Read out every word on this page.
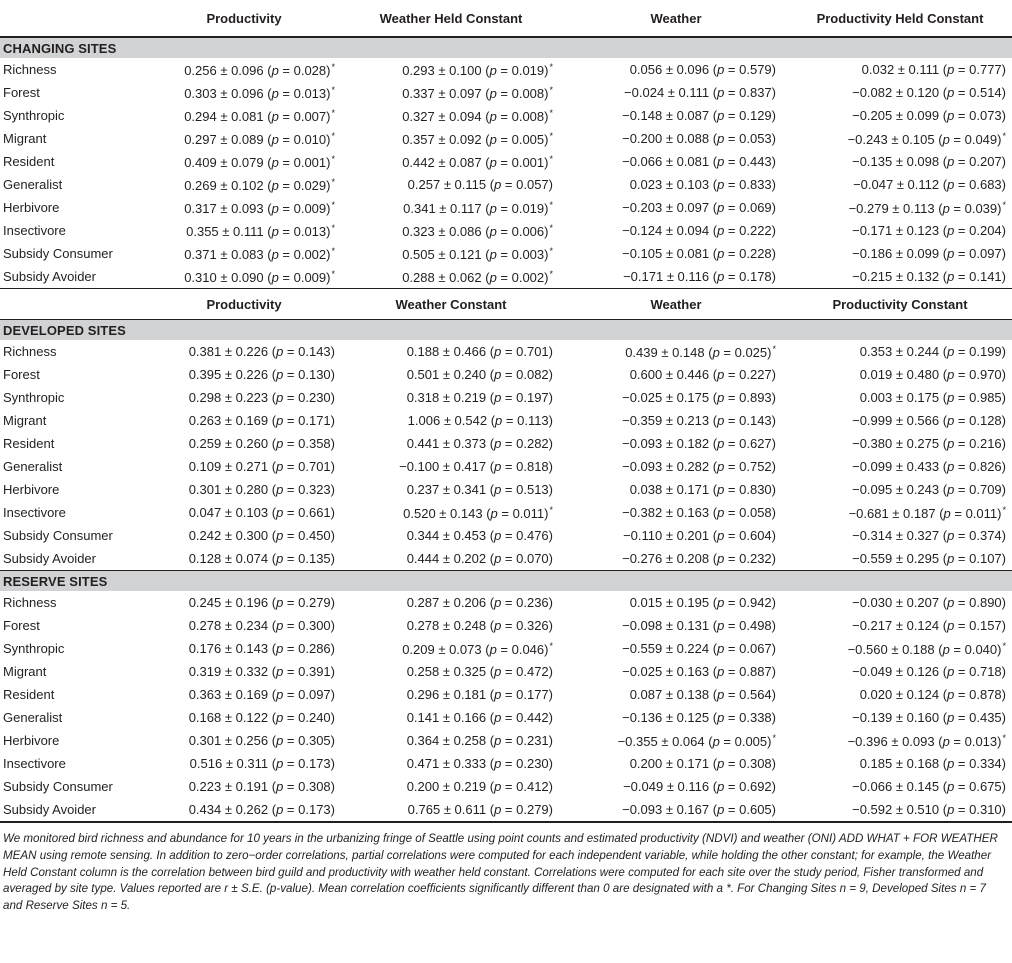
	Productivity	Weather Held Constant	Weather	Productivity Held Constant
CHANGING SITES				
Richness	0.256 ± 0.096 (p = 0.028)*	0.293 ± 0.100 (p = 0.019)*	0.056 ± 0.096 (p = 0.579)	0.032 ± 0.111 (p = 0.777)
Forest	0.303 ± 0.096 (p = 0.013)*	0.337 ± 0.097 (p = 0.008)*	−0.024 ± 0.111 (p = 0.837)	−0.082 ± 0.120 (p = 0.514)
Synthropic	0.294 ± 0.081 (p = 0.007)*	0.327 ± 0.094 (p = 0.008)*	−0.148 ± 0.087 (p = 0.129)	−0.205 ± 0.099 (p = 0.073)
Migrant	0.297 ± 0.089 (p = 0.010)*	0.357 ± 0.092 (p = 0.005)*	−0.200 ± 0.088 (p = 0.053)	−0.243 ± 0.105 (p = 0.049)*
Resident	0.409 ± 0.079 (p = 0.001)*	0.442 ± 0.087 (p = 0.001)*	−0.066 ± 0.081 (p = 0.443)	−0.135 ± 0.098 (p = 0.207)
Generalist	0.269 ± 0.102 (p = 0.029)*	0.257 ± 0.115 (p = 0.057)	0.023 ± 0.103 (p = 0.833)	−0.047 ± 0.112 (p = 0.683)
Herbivore	0.317 ± 0.093 (p = 0.009)*	0.341 ± 0.117 (p = 0.019)*	−0.203 ± 0.097 (p = 0.069)	−0.279 ± 0.113 (p = 0.039)*
Insectivore	0.355 ± 0.111 (p = 0.013)*	0.323 ± 0.086 (p = 0.006)*	−0.124 ± 0.094 (p = 0.222)	−0.171 ± 0.123 (p = 0.204)
Subsidy Consumer	0.371 ± 0.083 (p = 0.002)*	0.505 ± 0.121 (p = 0.003)*	−0.105 ± 0.081 (p = 0.228)	−0.186 ± 0.099 (p = 0.097)
Subsidy Avoider	0.310 ± 0.090 (p = 0.009)*	0.288 ± 0.062 (p = 0.002)*	−0.171 ± 0.116 (p = 0.178)	−0.215 ± 0.132 (p = 0.141)
	Productivity	Weather Constant	Weather	Productivity Constant
DEVELOPED SITES				
Richness	0.381 ± 0.226 (p = 0.143)	0.188 ± 0.466 (p = 0.701)	0.439 ± 0.148 (p = 0.025)*	0.353 ± 0.244 (p = 0.199)
Forest	0.395 ± 0.226 (p = 0.130)	0.501 ± 0.240 (p = 0.082)	0.600 ± 0.446 (p = 0.227)	0.019 ± 0.480 (p = 0.970)
Synthropic	0.298 ± 0.223 (p = 0.230)	0.318 ± 0.219 (p = 0.197)	−0.025 ± 0.175 (p = 0.893)	0.003 ± 0.175 (p = 0.985)
Migrant	0.263 ± 0.169 (p = 0.171)	1.006 ± 0.542 (p = 0.113)	−0.359 ± 0.213 (p = 0.143)	−0.999 ± 0.566 (p = 0.128)
Resident	0.259 ± 0.260 (p = 0.358)	0.441 ± 0.373 (p = 0.282)	−0.093 ± 0.182 (p = 0.627)	−0.380 ± 0.275 (p = 0.216)
Generalist	0.109 ± 0.271 (p = 0.701)	−0.100 ± 0.417 (p = 0.818)	−0.093 ± 0.282 (p = 0.752)	−0.099 ± 0.433 (p = 0.826)
Herbivore	0.301 ± 0.280 (p = 0.323)	0.237 ± 0.341 (p = 0.513)	0.038 ± 0.171 (p = 0.830)	−0.095 ± 0.243 (p = 0.709)
Insectivore	0.047 ± 0.103 (p = 0.661)	0.520 ± 0.143 (p = 0.011)*	−0.382 ± 0.163 (p = 0.058)	−0.681 ± 0.187 (p = 0.011)*
Subsidy Consumer	0.242 ± 0.300 (p = 0.450)	0.344 ± 0.453 (p = 0.476)	−0.110 ± 0.201 (p = 0.604)	−0.314 ± 0.327 (p = 0.374)
Subsidy Avoider	0.128 ± 0.074 (p = 0.135)	0.444 ± 0.202 (p = 0.070)	−0.276 ± 0.208 (p = 0.232)	−0.559 ± 0.295 (p = 0.107)
RESERVE SITES				
Richness	0.245 ± 0.196 (p = 0.279)	0.287 ± 0.206 (p = 0.236)	0.015 ± 0.195 (p = 0.942)	−0.030 ± 0.207 (p = 0.890)
Forest	0.278 ± 0.234 (p = 0.300)	0.278 ± 0.248 (p = 0.326)	−0.098 ± 0.131 (p = 0.498)	−0.217 ± 0.124 (p = 0.157)
Synthropic	0.176 ± 0.143 (p = 0.286)	0.209 ± 0.073 (p = 0.046)*	−0.559 ± 0.224 (p = 0.067)	−0.560 ± 0.188 (p = 0.040)*
Migrant	0.319 ± 0.332 (p = 0.391)	0.258 ± 0.325 (p = 0.472)	−0.025 ± 0.163 (p = 0.887)	−0.049 ± 0.126 (p = 0.718)
Resident	0.363 ± 0.169 (p = 0.097)	0.296 ± 0.181 (p = 0.177)	0.087 ± 0.138 (p = 0.564)	0.020 ± 0.124 (p = 0.878)
Generalist	0.168 ± 0.122 (p = 0.240)	0.141 ± 0.166 (p = 0.442)	−0.136 ± 0.125 (p = 0.338)	−0.139 ± 0.160 (p = 0.435)
Herbivore	0.301 ± 0.256 (p = 0.305)	0.364 ± 0.258 (p = 0.231)	−0.355 ± 0.064 (p = 0.005)*	−0.396 ± 0.093 (p = 0.013)*
Insectivore	0.516 ± 0.311 (p = 0.173)	0.471 ± 0.333 (p = 0.230)	0.200 ± 0.171 (p = 0.308)	0.185 ± 0.168 (p = 0.334)
Subsidy Consumer	0.223 ± 0.191 (p = 0.308)	0.200 ± 0.219 (p = 0.412)	−0.049 ± 0.116 (p = 0.692)	−0.066 ± 0.145 (p = 0.675)
Subsidy Avoider	0.434 ± 0.262 (p = 0.173)	0.765 ± 0.611 (p = 0.279)	−0.093 ± 0.167 (p = 0.605)	−0.592 ± 0.510 (p = 0.310)
We monitored bird richness and abundance for 10 years in the urbanizing fringe of Seattle using point counts and estimated productivity (NDVI) and weather (ONI) ADD WHAT + FOR WEATHER MEAN using remote sensing. In addition to zero−order correlations, partial correlations were computed for each independent variable, while holding the other constant; for example, the Weather Held Constant column is the correlation between bird guild and productivity with weather held constant. Correlations were computed for each site over the study period, Fisher transformed and averaged by site type. Values reported are r ± S.E. (p-value). Mean correlation coefficients significantly different than 0 are designated with a *. For Changing Sites n = 9, Developed Sites n = 7 and Reserve Sites n = 5.
